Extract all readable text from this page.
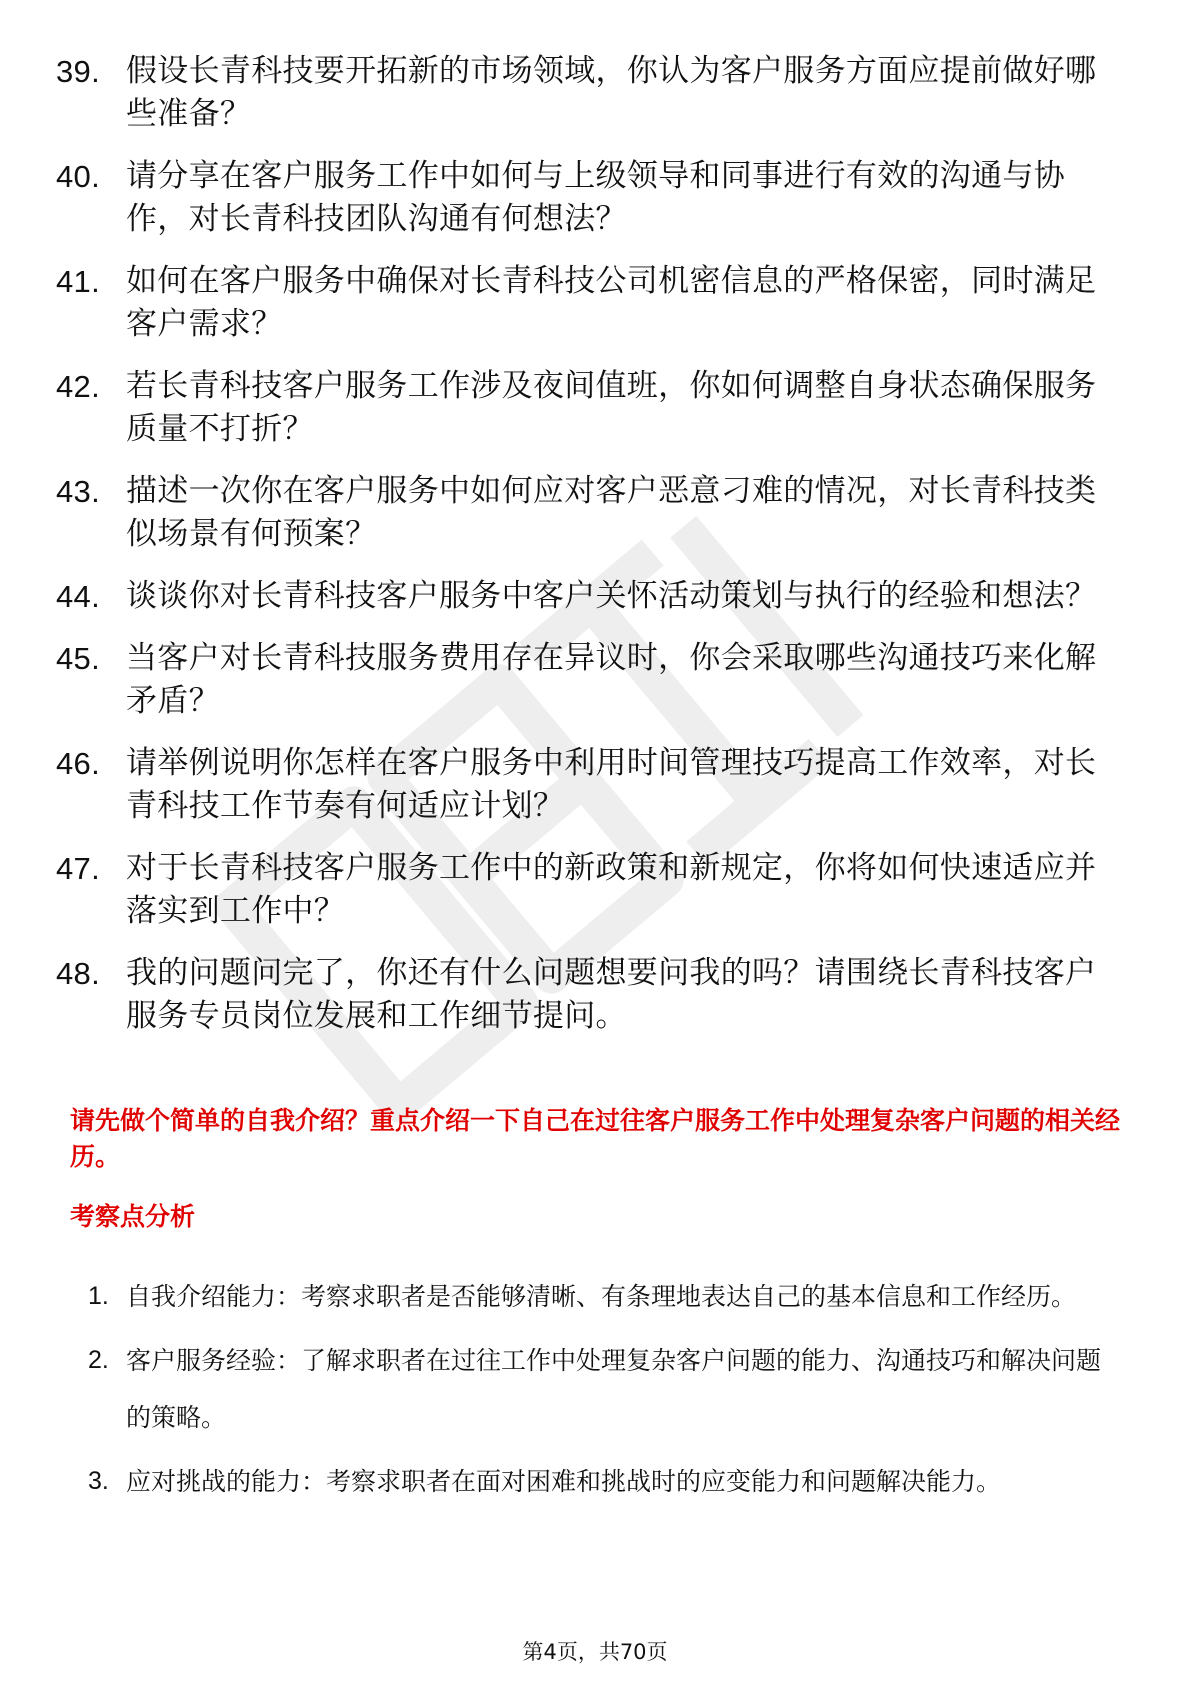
39. 假设长青科技要开拓新的市场领域，你认为客户服务方面应提前做好哪些准备？
40. 请分享在客户服务工作中如何与上级领导和同事进行有效的沟通与协作，对长青科技团队沟通有何想法？
41. 如何在客户服务中确保对长青科技公司机密信息的严格保密，同时满足客户需求？
42. 若长青科技客户服务工作涉及夜间值班，你如何调整自身状态确保服务质量不打折？
43. 描述一次你在客户服务中如何应对客户恶意刁难的情况，对长青科技类似场景有何预案？
44. 谈谈你对长青科技客户服务中客户关怀活动策划与执行的经验和想法？
45. 当客户对长青科技服务费用存在异议时，你会采取哪些沟通技巧来化解矛盾？
46. 请举例说明你怎样在客户服务中利用时间管理技巧提高工作效率，对长青科技工作节奏有何适应计划？
47. 对于长青科技客户服务工作中的新政策和新规定，你将如何快速适应并落实到工作中？
48. 我的问题问完了，你还有什么问题想要问我的吗？请围绕长青科技客户服务专员岗位发展和工作细节提问。

请先做个简单的自我介绍？重点介绍一下自己在过往客户服务工作中处理复杂客户问题的相关经历。

考察点分析
1. 自我介绍能力：考察求职者是否能够清晰、有条理地表达自己的基本信息和工作经历。
2. 客户服务经验：了解求职者在过往工作中处理复杂客户问题的能力、沟通技巧和解决问题的策略。
3. 应对挑战的能力：考察求职者在面对困难和挑战时的应变能力和问题解决能力。
第4页，共70页
